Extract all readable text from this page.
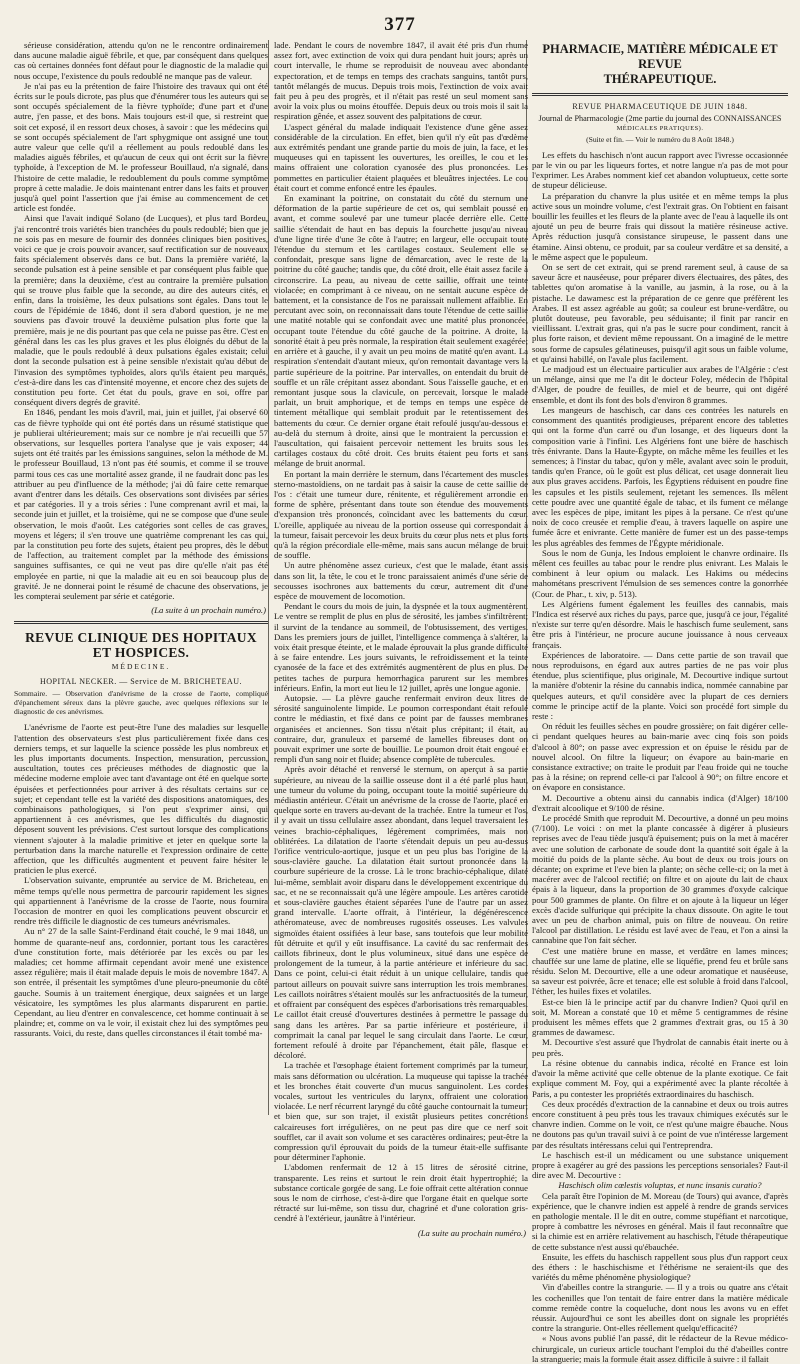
377

sérieuse considération, attendu qu'on ne le rencontre ordinairement dans aucune maladie aiguë fébrile, et que, par conséquent dans quelques cas où certaines données font défaut pour le diagnostic de la maladie qui nous occupe, l'existence du pouls redoublé ne manque pas de valeur.

Je n'ai pas eu la prétention de faire l'histoire des travaux qui ont été écrits sur le pouls dicrote, pas plus que d'énumérer tous les auteurs qui se sont occupés spécialement de la fièvre typhoïde; d'une part et d'une autre, j'en passe, et des bons. Mais toujours est-il que, si restreint que soit cet exposé, il en ressort deux choses, à savoir : que les médecins qui se sont occupés spécialement de l'art sphygmique ont assigné une tout autre valeur que celle qu'il a réellement au pouls redoublé dans les maladies aiguës fébriles, et qu'aucun de ceux qui ont écrit sur la fièvre typhoïde, à l'exception de M. le professeur Bouillaud, n'a signalé, dans l'histoire de cette maladie, le redoublement du pouls comme symptôme propre à cette maladie. Je dois maintenant entrer dans les faits et prouver jusqu'à quel point l'assertion que j'ai émise au commencement de cet article est fondée.

Ainsi que l'avait indiqué Solano (de Lucques), et plus tard Bordeu, j'ai rencontré trois variétés bien tranchées du pouls redoublé; bien que je ne sois pas en mesure de fournir des données cliniques bien positives, voici ce que je crois pouvoir avancer, sauf rectification sur de nouveaux faits spécialement observés dans ce but. Dans la première variété, la seconde pulsation est à peine sensible et par conséquent plus faible que la première; dans la deuxième, c'est au contraire la première pulsation qui se trouve plus faible que la seconde, au dire des auteurs cités, et enfin, dans la troisième, les deux pulsations sont égales. Dans tout le cours de l'épidémie de 1846, dont il sera d'abord question, je ne me souviens pas d'avoir trouvé la deuxième pulsation plus forte que la première, mais je ne dis pourtant pas que cela ne puisse pas être. C'est en général dans les cas les plus graves et les plus éloignés du début de la maladie, que le pouls redoublé à deux pulsations égales existait; celui dont la seconde pulsation est à peine sensible n'existait qu'au début de l'invasion des symptômes typhoïdes, alors qu'ils étaient peu marqués, c'est-à-dire dans les cas d'intensité moyenne, et encore chez des sujets de constitution peu forte. Cet état du pouls, grave en soi, offre par conséquent divers degrés de gravité.

En 1846, pendant les mois d'avril, mai, juin et juillet, j'ai observé 60 cas de fièvre typhoïde qui ont été portés dans un résumé statistique que je publierai ultérieurement; mais sur ce nombre je n'ai recueilli que 57 observations, sur lesquelles portera l'analyse que je vais exposer; 44 sujets ont été traités par les émissions sanguines, selon la méthode de M. le professeur Bouillaud, 13 n'ont pas été soumis, et comme il se trouve parmi tous ces cas une mortalité assez grande, il ne faudrait donc pas les attribuer au peu d'influence de la méthode; j'ai dû faire cette remarque avant d'entrer dans les détails. Ces observations sont divisées par séries et par catégories. Il y a trois séries : l'une comprenant avril et mai, la seconde juin et juillet, et la troisième, qui ne se compose que d'une seule observation, le mois d'août. Les catégories sont celles de cas graves, moyens et légers; il s'en trouve une quatrième comprenant les cas qui, par la constitution peu forte des sujets, étaient peu propres, dès le début de l'affection, au traitement complet par la méthode des émissions sanguines suffisantes, ce qui ne veut pas dire qu'elle n'ait pas été employée en partie, ni que la maladie ait eu en soi beaucoup plus de gravité. Je ne donnerai point le résumé de chacune des observations, je les compterai seulement par série et catégorie.

(La suite à un prochain numéro.)

REVUE CLINIQUE DES HOPITAUX ET HOSPICES.
MÉDECINE.
HOPITAL NECKER. — Service de M. BRICHETEAU.

Sommaire. — Observation d'anévrisme de la crosse de l'aorte, compliqué d'épanchement séreux dans la plèvre gauche, avec quelques réflexions sur le diagnostic de ces anévrismes.

L'anévrisme de l'aorte est peut-être l'une des maladies sur lesquelle l'attention des observateurs s'est plus particulièrement fixée dans ces derniers temps, et sur laquelle la science possède les plus nombreux et les plus importants documents. Inspection, mensuration, percussion, auscultation, toutes ces précieuses méthodes de diagnostic que la médecine moderne emploie avec tant d'avantage ont été en quelque sorte épuisées et perfectionnées pour arriver à des résultats certains sur ce sujet; et cependant telle est la variété des dispositions anatomiques, des combinaisons pathologiques, si l'on peut s'exprimer ainsi, qui appartiennent à ces anévrismes, que les difficultés du diagnostic déposent souvent les prévisions. C'est surtout lorsque des complications viennent s'ajouter à la maladie primitive et jeter en quelque sorte la perturbation dans la marche naturelle et l'expression ordinaire de cette affection, que les difficultés augmentent et peuvent faire hésiter le praticien le plus exercé.

L'observation suivante, empruntée au service de M. Bricheteau, en même temps qu'elle nous permettra de parcourir rapidement les signes qui appartiennent à l'anévrisme de la crosse de l'aorte, nous fournira l'occasion de montrer en quoi les complications peuvent obscurcir et rendre très difficile le diagnostic de ces tumeurs anévrismales.

Au n° 27 de la salle Saint-Ferdinand était couché, le 9 mai 1848, un homme de quarante-neuf ans, cordonnier, portant tous les caractères d'une constitution forte, mais détériorée par les excès ou par les maladies; cet homme affirmait cependant avoir mené une existence assez régulière; mais il était malade depuis le mois de novembre 1847. A son entrée, il présentait les symptômes d'une pleuro-pneumonie du côté gauche. Soumis à un traitement énergique, deux saignées et un large vésicatoire, les symptômes les plus alarmants disparurent en partie. Cependant, au lieu d'entrer en convalescence, cet homme continuait à se plaindre; et, comme on va le voir, il existait chez lui des symptômes peu rassurants. Voici, du reste, dans quelles circonstances il était tombé ma-

lade. Pendant le cours de novembre 1847, il avait été pris d'un rhume assez fort, avec extinction de voix qui dura pendant huit jours; après un court intervalle, le rhume se reproduisit de nouveau avec abondante expectoration, et de temps en temps des crachats sanguins, tantôt purs, tantôt mélangés de mucus. Depuis trois mois, l'extinction de voix avait fait peu à peu des progrès, et il n'était pas resté un seul moment sans avoir la voix plus ou moins étouffée. Depuis deux ou trois mois il sait la respiration gênée, et assez souvent des palpitations de cœur.

L'aspect général du malade indiquait l'existence d'une gêne assez considérable de la circulation. En effet, bien qu'il n'y eût pas d'œdème aux extrémités pendant une grande partie du mois de juin, la face, et les muqueuses qui en tapissent les ouvertures, les oreilles, le cou et les mains offraient une coloration cyanosée des plus prononcées. Les pommettes en particulier étaient plaquées et bleuâtres injectées. Le cou était court et comme enfoncé entre les épaules.

En examinant la poitrine, on constatait du côté du sternum une déformation de la partie supérieure de cet os, qui semblait poussé en avant, et comme soulevé par une tumeur placée derrière elle. Cette saillie s'étendait de haut en bas depuis la fourchette jusqu'au niveau d'une ligne tirée d'une 3e côte à l'autre; en largeur, elle occupait toute l'étendue du sternum et les cartilages costaux. Seulement elle se confondait, presque sans ligne de démarcation, avec le reste de la poitrine du côté gauche; tandis que, du côté droit, elle était assez facile à circonscrire. La peau, au niveau de cette saillie, offrait une teinte violacée; en comprimant à ce niveau, on ne sentait aucune espèce de battement, et la consistance de l'os ne paraissait nullement affaiblie. En percutant avec soin, on reconnaissait dans toute l'étendue de cette saillie une matité notable qui se confondait avec une matité plus prononcée, occupant toute l'étendue du côté gauche de la poitrine. A droite, la sonorité était à peu près normale, la respiration était seulement exagérée; en arrière et à gauche, il y avait un peu moins de matité qu'en avant. La respiration s'entendait d'autant mieux, qu'on remontait davantage vers la partie supérieure de la poitrine. Par intervalles, on entendait du bruit de souffle et un râle crépitant assez abondant. Sous l'aisselle gauche, et en remontant jusque sous la clavicule, on percevait, lorsque le malade parlait, un bruit amphorique, et de temps en temps une espèce de tintement métallique qui semblait produit par le retentissement des battements du cœur. Ce dernier organe était refoulé jusqu'au-dessous et au-delà du sternum à droite, ainsi que le montraient la percussion et l'auscultation, qui faisaient percevoir nettement les bruits sous les cartilages costaux du côté droit. Ces bruits étaient peu forts et sans mélange de bruit anormal.

En portant la main derrière le sternum, dans l'écartement des muscles sterno-mastoïdiens, on ne tardait pas à saisir la cause de cette saillie de l'os : c'était une tumeur dure, rénitente, et régulièrement arrondie en forme de sphère, présentant dans toute son étendue des mouvements d'expansion très prononcés, coïncidant avec les battements du cœur. L'oreille, appliquée au niveau de la portion osseuse qui correspondait à la tumeur, faisait percevoir les deux bruits du cœur plus nets et plus forts qu'à la région précordiale elle-même, mais sans aucun mélange de bruit de souffle.

Un autre phénomène assez curieux, c'est que le malade, étant assis dans son lit, la tête, le cou et le tronc paraissaient animés d'une série de secousses isochrones aux battements du cœur, autrement dit d'une espèce de mouvement de locomotion.

Pendant le cours du mois de juin, la dyspnée et la toux augmentèrent. Le ventre se remplit de plus en plus de sérosité, les jambes s'infiltrèrent; il survint de la tendance au sommeil, de l'obtusissement, des vertiges. Dans les premiers jours de juillet, l'intelligence commença à s'altérer, la voix était presque éteinte, et le malade éprouvait la plus grande difficulté à se faire entendre. Les jours suivants, le refroidissement et la teinte cyanosée de la face et des extrémités augmentèrent de plus en plus. De petites taches de purpura hemorrhagica parurent sur les membres inférieurs. Enfin, la mort eut lieu le 12 juillet, après une longue agonie.

Autopsie. — La plèvre gauche renfermait environ deux litres de sérosité sanguinolente limpide. Le poumon correspondant était refoulé contre le médiastin, et fixé dans ce point par de fausses membranes organisées et anciennes. Son tissu n'était plus crépitant; il était, au contraire, dur, granuleux et parsemé de lamelles fibreuses dont on pouvait exprimer une sorte de bouillie. Le poumon droit était engoué et rempli d'un sang noir et fluide; absence complète de tubercules.

Après avoir détaché et renversé le sternum, on aperçut à sa partie supérieure, au niveau de la saillie osseuse dont il a été parlé plus haut, une tumeur du volume du poing, occupant toute la moitié supérieure du médiastin antérieur. C'était un anévrisme de la crosse de l'aorte, placé en quelque sorte en travers au-devant de la trachée. Entre la tumeur et l'os, il y avait un tissu cellulaire assez abondant, dans lequel traversaient les veines brachio-céphaliques, légèrement comprimées, mais non oblitérées. La dilatation de l'aorte s'étendait depuis un peu au-dessus l'orifice ventriculo-aortique, jusque et un peu plus bas l'origine de la sous-clavière gauche. La dilatation était surtout prononcée dans la courbure supérieure de la crosse. Là le tronc brachio-céphalique, dilaté lui-même, semblait avoir disparu dans le développement excentrique du sac, et ne se reconnaissait qu'à une légère ampoule. Les artères carotide et sous-clavière gauches étaient séparées l'une de l'autre par un assez grand intervalle. L'aorte offrait, à l'intérieur, la dégénérescence athéromateuse, avec de nombreuses rugosités osseuses. Les valvules sigmoïdes étaient ossifiées à leur base, sans toutefois que leur mobilité fût détruite et qu'il y eût insuffisance. La cavité du sac renfermait des caillots fibrineux, dont le plus volumineux, situé dans une espèce de prolongement de la tumeur, à la partie antérieure et inférieure du sac. Dans ce point, celui-ci était réduit à un unique cellulaire, tandis que partout ailleurs on pouvait suivre sans interruption les trois membranes. Les caillots noirâtres s'étaient moulés sur les anfractuosités de la tumeur, et offraient par conséquent des espèces d'arborisations très remarquables. Le caillot était creusé d'ouvertures destinées à permettre le passage du sang dans les artères. Par sa partie inférieure et postérieure, il comprimait la canal par lequel le sang circulait dans l'aorte. Le cœur, fortement refoulé à droite par l'épanchement, était pâle, flasque et décoloré.

La trachée et l'œsophage étaient fortement comprimés par la tumeur, mais sans déformation ou ulcération. La muqueuse qui tapisse la trachée et les bronches était couverte d'un mucus sanguinolent. Les cordes vocales, surtout les ventricules du larynx, offraient une coloration violacée. Le nerf récurrent laryngé du côté gauche contournait la tumeur; et bien que, sur son trajet, il existât plusieurs petites concrétions calcaireuses fort irrégulières, on ne peut pas dire que ce nerf soit soufflet, car il avait son volume et ses caractères ordinaires; peut-être la compression qu'il éprouvait du poids de la tumeur était-elle suffisante pour déterminer l'aphonie.

L'abdomen renfermait de 12 à 15 litres de sérosité citrine, transparente. Les reins et surtout le rein droit était hypertrophié; la substance corticale gorgée de sang. Le foie offrait cette altération connue sous le nom de cirrhose, c'est-à-dire que l'organe était en quelque sorte rétracté sur lui-même, son tissu dur, chagriné et d'une coloration gris-cendré à l'extérieur, jaunâtre à l'intérieur.

(La suite au prochain numéro.)

PHARMACIE, MATIÈRE MÉDICALE ET REVUE
THÉRAPEUTIQUE.
REVUE PHARMACEUTIQUE DE JUIN 1848.
Journal de Pharmacologie (2me partie du journal des CONNAISSANCES
MÉDICALES PRATIQUES).
(Suite et fin. — Voir le numéro du 8 Août 1848.)

Les effets du haschisch n'ont aucun rapport avec l'ivresse occasionnée par le vin ou par les liqueurs fortes, et notre langue n'a pas de mot pour l'exprimer. Les Arabes nomment kief cet abandon voluptueux, cette sorte de stupeur délicieuse.

La préparation du chanvre la plus usitée et en même temps la plus active sous un moindre volume, c'est l'extrait gras. On l'obtient en faisant bouillir les feuilles et les fleurs de la plante avec de l'eau à laquelle ils ont ajouté un peu de beurre frais qui dissout la matière résineuse active. Après réduction jusqu'à consistance sirupeuse, le passent dans une étamine. Ainsi obtenu, ce produit, par sa couleur verdâtre et sa densité, a le même aspect que le populeum.

On se sert de cet extrait, qui se prend rarement seul, à cause de sa saveur âcre et nauséeuse, pour préparer divers électuaires, des pâtes, des tablettes qu'on aromatise à la vanille, au jasmin, à la rose, ou à la pistache. Le dawamesc est la préparation de ce genre que préfèrent les Arabes. Il est assez agréable au goût; sa couleur est brune-verdâtre, ou plutôt douteuse, peu favorable, peu séduisante; il finit par rancir en vieillissant. L'extrait gras, qui n'a pas le sucre pour condiment, rancit à plus forte raison, et devient même repoussant. On a imaginé de le mettre sous forme de capsules gélatineuses, puisqu'il agit sous un faible volume, et qu'ainsi habillé, on l'avale plus facilement.

Le madjoud est un électuaire particulier aux arabes de l'Algérie : c'est un mélange, ainsi que me l'a dit le docteur Foley, médecin de l'hôpital d'Alger, de poudre de feuilles, de miel et de beurre, qui ont digéré ensemble, et dont ils font des bols d'environ 8 grammes.

Les mangeurs de haschisch, car dans ces contrées les naturels en consomment des quantités prodigieuses, préparent encore des tablettes qui ont la forme d'un carré ou d'un losange, et des liqueurs dont la composition varie à l'infini. Les Algériens font une bière de haschisch très énivrante. Dans la Haute-Égypte, on mâche même les feuilles et les semences; à l'instar du tabac, qu'on y mêle, avalant avec soin le produit, tandis qu'en France, où le goût est plus délicat, cet usage donnerait lieu aux plus graves accidens. Parfois, les Égyptiens réduisent en poudre fine les capsules et les pistils seulement, rejetant les semences. Ils mêlent cette poudre avec une quantité égale de tabac, et ils fument ce mélange avec les espèces de pipe, imitant les pipes à la persane. Ce n'est qu'une noix de coco creusée et remplie d'eau, à travers laquelle on aspire une fumée âcre et enivrante. Cette manière de fumer est un des passe-temps les plus agréables des femmes de l'Égypte méridionale.

Sous le nom de Gunja, les Indous emploient le chanvre ordinaire. Ils mêlent ces feuilles au tabac pour le rendre plus enivrant. Les Malais le combinent à leur opium ou malack. Les Hakims ou médecins mahométans prescrivent l'émulsion de ses semences contre la gonorrhée (Cour. de Phar., t. xiv, p. 513).

Les Algériens fument également les feuilles des cannabis, mais l'Indica est réservé aux riches du pays, parce que, jusqu'à ce jour, l'égalité n'existe sur terre qu'en désordre. Mais le haschisch fume seulement, sans être pris à l'intérieur, ne procure aucune jouissance à nous cerveaux français.

Expériences de laboratoire. — Dans cette partie de son travail que nous reproduisons, en égard aux autres parties de ne pas voir plus étendue, plus scientifique, plus originale, M. Decourtive indique surtout la manière d'obtenir la résine du cannabis indica, nommée cannabine par quelques auteurs, et qu'il considère avec la plupart de ces derniers comme le principe actif de la plante. Voici son procédé fort simple du reste :

On réduit les feuilles sèches en poudre grossière; on fait digérer celle-ci pendant quelques heures au bain-marie avec cinq fois son poids d'alcool à 80°; on passe avec expression et on épuise le résidu par de nouvel alcool. On filtre la liqueur; on évapore au bain-marie en consistance extractive; on traite le produit par l'eau froide qui ne touche pas à la résine; on reprend celle-ci par l'alcool à 90°; on filtre encore et on évapore en consistance.

M. Decourtive a obtenu ainsi du cannabis indica (d'Alger) 18/100 d'extrait alcoolique et 9/100 de résine.

Le procédé Smith que reproduit M. Decourtive, a donné un peu moins (7/100). Le voici : on met la plante concassée à digérer à plusieurs reprises avec de l'eau tiède jusqu'à épuisement; puis on la met à macérer avec une solution de carbonate de soude dont la quantité soit égale à la moitié du poids de la plante sèche. Au bout de deux ou trois jours on décante; on exprime et l'eve bien la plante; on sèche celle-ci; on la met à macérer avec de l'alcool rectifié; on filtre et on ajoute du lait de chaux épais à la liqueur, dans la proportion de 30 grammes d'oxyde calcique pour 500 grammes de plante. On filtre et on ajoute à la liqueur un léger excès d'acide sulfurique qui précipite la chaux dissoute. On agite le tout avec un peu de charbon animal, puis on filtre de nouveau. On retire l'alcool par distillation. Le résidu est lavé avec de l'eau, et l'on a ainsi la cannabine que l'on fait sécher.

C'est une matière brune en masse, et verdâtre en lames minces; chauffée sur une lame de platine, elle se liquéfie, prend feu et brûle sans résidu. Selon M. Decourtive, elle a une odeur aromatique et nauséeuse, sa saveur est poivrée, âcre et tenace; elle est soluble à froid dans l'alcool, l'éther, les huiles fixes et volatiles.

Est-ce bien là le principe actif par du chanvre Indien? Quoi qu'il en soit, M. Morean a constaté que 10 et même 5 centigrammes de résine produisent les mêmes effets que 2 grammes d'extrait gras, ou 15 à 30 grammes de dawamesc.

M. Decourtive s'est assuré que l'hydrolat de cannabis était inerte ou à peu près.

La résine obtenue du cannabis indica, récolté en France est loin d'avoir la même activité que celle obtenue de la plante exotique. Ce fait explique comment M. Foy, qui a expérimenté avec la plante récoltée à Paris, a pu contester les propriétés extraordinaires du haschisch.

Ces deux procédés d'extraction de la cannabine et deux ou trois autres encore constituent à peu près tous les travaux chimiques exécutés sur le chanvre indien. Comme on le voit, ce n'est qu'une maigre ébauche. Nous ne doutons pas qu'un travail suivi à ce point de vue n'intéresse largement par des résultats intéressans celui qui l'entreprendra.

Le haschisch est-il un médicament ou une substance uniquement propre à exagérer au gré des passions les perceptions sensoriales? Faut-il dire avec M. Decourtive :

Haschisch olim cœlestis voluptas, et nunc insanis curatio?

Cela paraît être l'opinion de M. Moreau (de Tours) qui avance, d'après expérience, que le chanvre indien est appelé à rendre de grands services en pathologie mentale. Il le dit en outre, comme stupéfiant et narcotique, propre à combattre les névroses en général. Mais il faut reconnaître que si la chimie est en arrière relativement au haschisch, l'étude thérapeutique de cette substance n'est aussi qu'ébauchée.

Ensuite, les effets du haschisch rappellent sous plus d'un rapport ceux des éthers : le haschischisme et l'éthérisme ne seraient-ils que des variétés du même phénomène physiologique?

Vin d'abeilles contre la strangurie. — Il y a trois ou quatre ans c'était les cochenilles que l'on tentait de faire entrer dans la matière médicale comme remède contre la coqueluche, dont nous les avons vu en effet réussir. Aujourd'hui ce sont les abeilles dont on signale les propriétés contre la strangurie. Ont-elles réellement quelqu'efficacité?

« Nous avons publié l'an passé, dit le rédacteur de la Revue médico-chirurgicale, un curieux article touchant l'emploi du thé d'abeilles contre la stranguerie; mais la formule était assez difficile à suivre : il fallait
